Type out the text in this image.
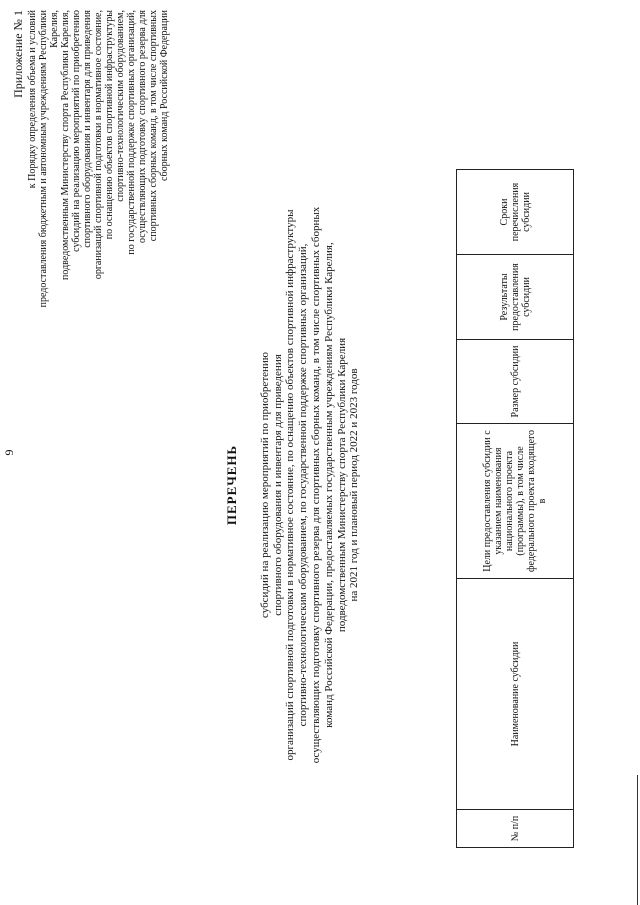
9
Приложение № 1 к Порядку определения объема и условий предоставления бюджетным и автономным учреждениям Республики Карелия, подведомственным Министерству спорта Республики Карелия, субсидий на реализацию мероприятий по приобретению спортивного оборудования и инвентаря для приведения организаций спортивной подготовки в нормативное состояние, по оснащению объектов спортивной инфраструктуры спортивно-технологическим оборудованием, по государственной поддержке спортивных организаций, осуществляющих подготовку спортивного резерва для спортивных сборных команд, в том числе спортивных сборных команд Российской Федерации
ПЕРЕЧЕНЬ субсидий на реализацию мероприятий по приобретению спортивного оборудования и инвентаря для приведения организаций спортивной подготовки в нормативное состояние, по оснащению объектов спортивной инфраструктуры спортивно-технологическим оборудованием, по государственной поддержке спортивных организаций, осуществляющих подготовку спортивного резерва для спортивных сборных команд, в том числе спортивных сборных команд Российской Федерации, предоставляемых государственным учреждениям Республики Карелия, подведомственным Министерству спорта Республики Карелия на 2021 год и плановый период 2022 и 2023 годов
№ п/п	Наименование субсидии	Цели предоставления субсидии с указанием наименования национального проекта (программы), в том числе федерального проекта входящего в	Размер субсидии	Результаты предоставления субсидии	Сроки перечисления субсидии
